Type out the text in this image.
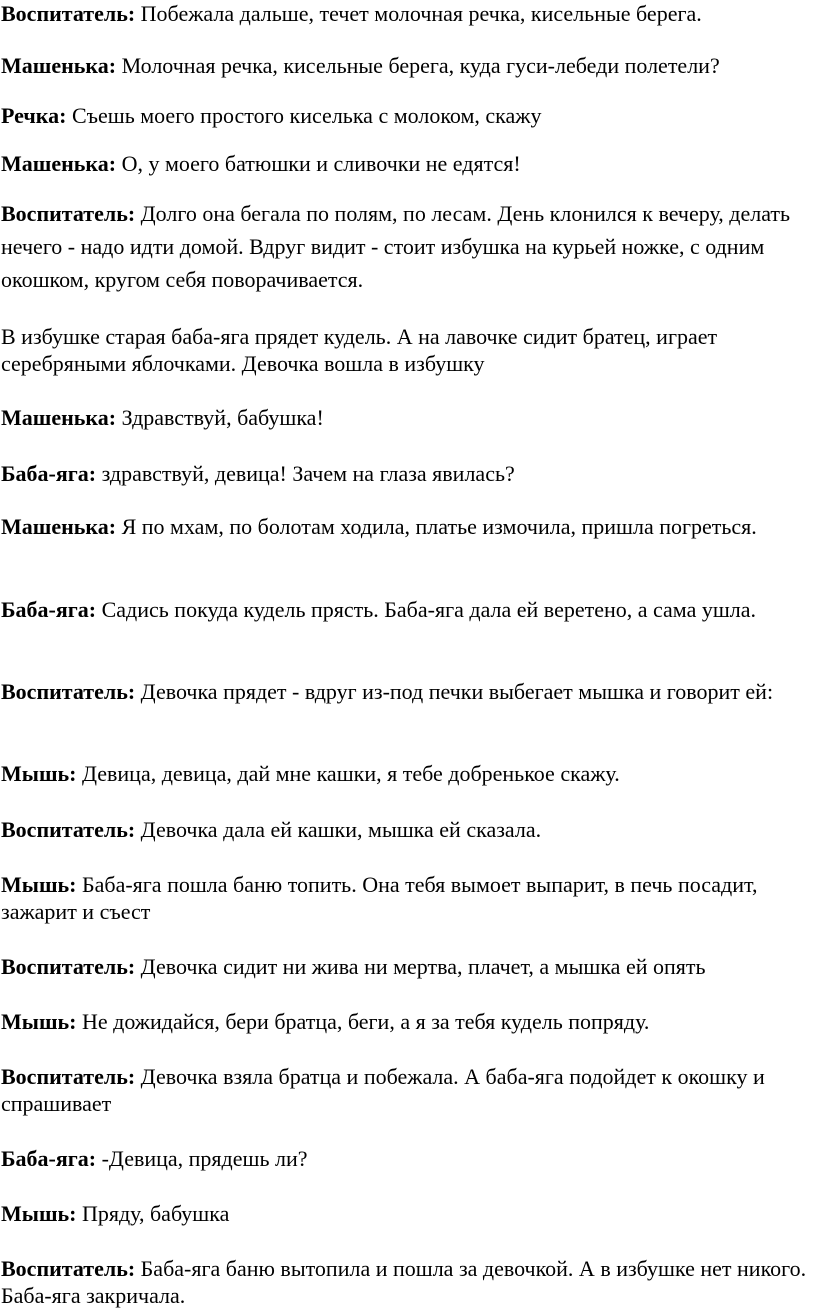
Воспитатель: Побежала дальше, течет молочная речка, кисельные берега.

Машенька: Молочная речка, кисельные берега, куда гуси-лебеди полетели?

Речка: Съешь моего простого киселька с молоком, скажу

Машенька: О, у моего батюшки и сливочки не едятся!

Воспитатель: Долго она бегала по полям, по лесам. День клонился к вечеру, делать нечего - надо идти домой. Вдруг видит - стоит избушка на курьей ножке, с одним окошком, кругом себя поворачивается.

В избушке старая баба-яга прядет кудель. А на лавочке сидит братец, играет серебряными яблочками. Девочка вошла в избушку

Машенька: Здравствуй, бабушка!

Баба-яга: здравствуй, девица! Зачем на глаза явилась?

Машенька: Я по мхам, по болотам ходила, платье измочила, пришла погреться.

Баба-яга: Садись покуда кудель прясть. Баба-яга дала ей веретено, а сама ушла.

Воспитатель: Девочка прядет - вдруг из-под печки выбегает мышка и говорит ей:

Мышь: Девица, девица, дай мне кашки, я тебе добренькое скажу.

Воспитатель: Девочка дала ей кашки, мышка ей сказала.

Мышь: Баба-яга пошла баню топить. Она тебя вымоет выпарит, в печь посадит, зажарит и съест

Воспитатель: Девочка сидит ни жива ни мертва, плачет, а мышка ей опять

Мышь: Не дожидайся, бери братца, беги, а я за тебя кудель попряду.

Воспитатель: Девочка взяла братца и побежала. А баба-яга подойдет к окошку и спрашивает

Баба-яга: -Девица, прядешь ли?

Мышь: Пряду, бабушка

Воспитатель: Баба-яга баню вытопила и пошла за девочкой. А в избушке нет никого. Баба-яга закричала.
